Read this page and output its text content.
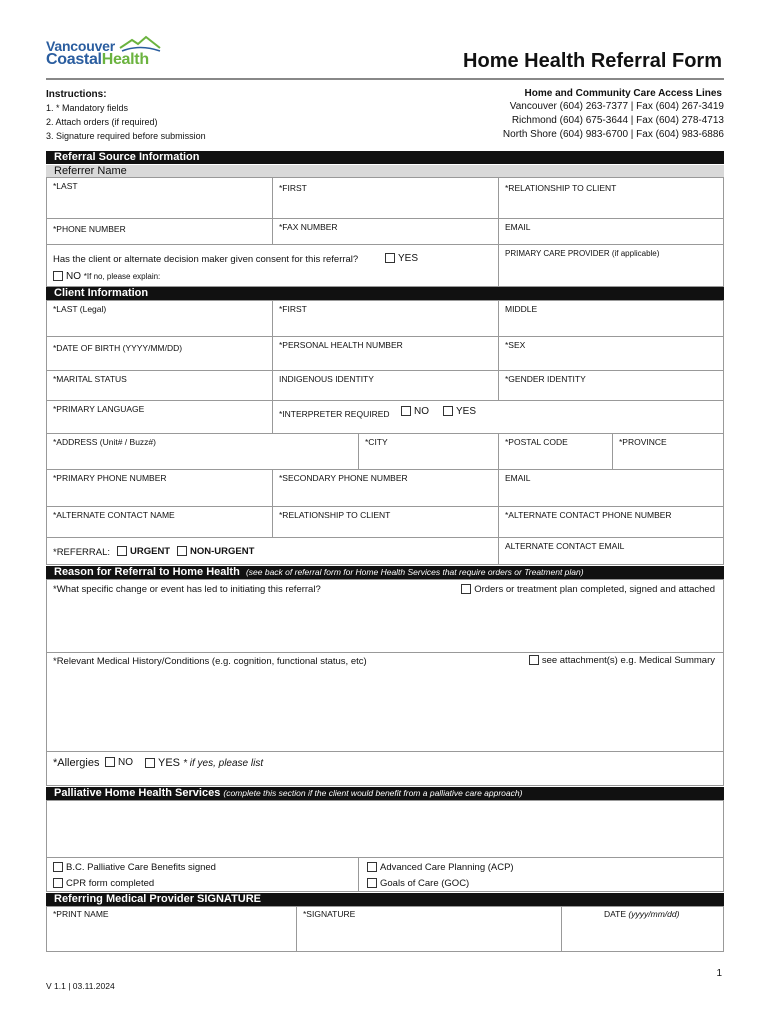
Vancouver
CoastalHealth	Home Health Referral Form
Instructions:
1. * Mandatory fields
2. Attach orders (if required)
3. Signature required before submission
Home and Community Care Access Lines
Vancouver (604) 263-7377 | Fax (604) 267-3419
Richmond (604) 675-3644 | Fax (604) 278-4713
North Shore (604) 983-6700 | Fax (604) 983-6886
Referral Source Information
Referrer Name
*LAST	*FIRST	*RELATIONSHIP TO CLIENT
*PHONE NUMBER	*FAX NUMBER	EMAIL
Has the client or alternate decision maker given consent for this referral?	YES
NO *If no, please explain:
PRIMARY CARE PROVIDER (if applicable)
Client Information
*LAST (Legal)	*FIRST	MIDDLE
*DATE OF BIRTH (YYYY/MM/DD)	*PERSONAL HEALTH NUMBER	*SEX
*MARITAL STATUS	INDIGENOUS IDENTITY	*GENDER IDENTITY
*PRIMARY LANGUAGE	*INTERPRETER REQUIRED	NO	YES
*ADDRESS (Unit# / Buzz#)	*CITY	*POSTAL CODE	*PROVINCE
*PRIMARY PHONE NUMBER	*SECONDARY PHONE NUMBER	EMAIL
*ALTERNATE CONTACT NAME	*RELATIONSHIP TO CLIENT	*ALTERNATE CONTACT PHONE NUMBER
*REFERRAL:	URGENT	NON-URGENT	ALTERNATE CONTACT EMAIL
Reason for Referral to Home Health (see back of referral form for Home Health Services that require orders or Treatment plan)
*What specific change or event has led to initiating this referral?	Orders or treatment plan completed, signed and attached
*Relevant Medical History/Conditions (e.g. cognition, functional status, etc)	see attachment(s) e.g. Medical Summary
*Allergies	NO	YES * if yes, please list
Palliative Home Health Services (complete this section if the client would benefit from a palliative care approach)
B.C. Palliative Care Benefits signed
CPR form completed
Advanced Care Planning (ACP)
Goals of Care (GOC)
Referring Medical Provider SIGNATURE
*PRINT NAME	*SIGNATURE	DATE (yyyy/mm/dd)
1
V 1.1 | 03.11.2024
